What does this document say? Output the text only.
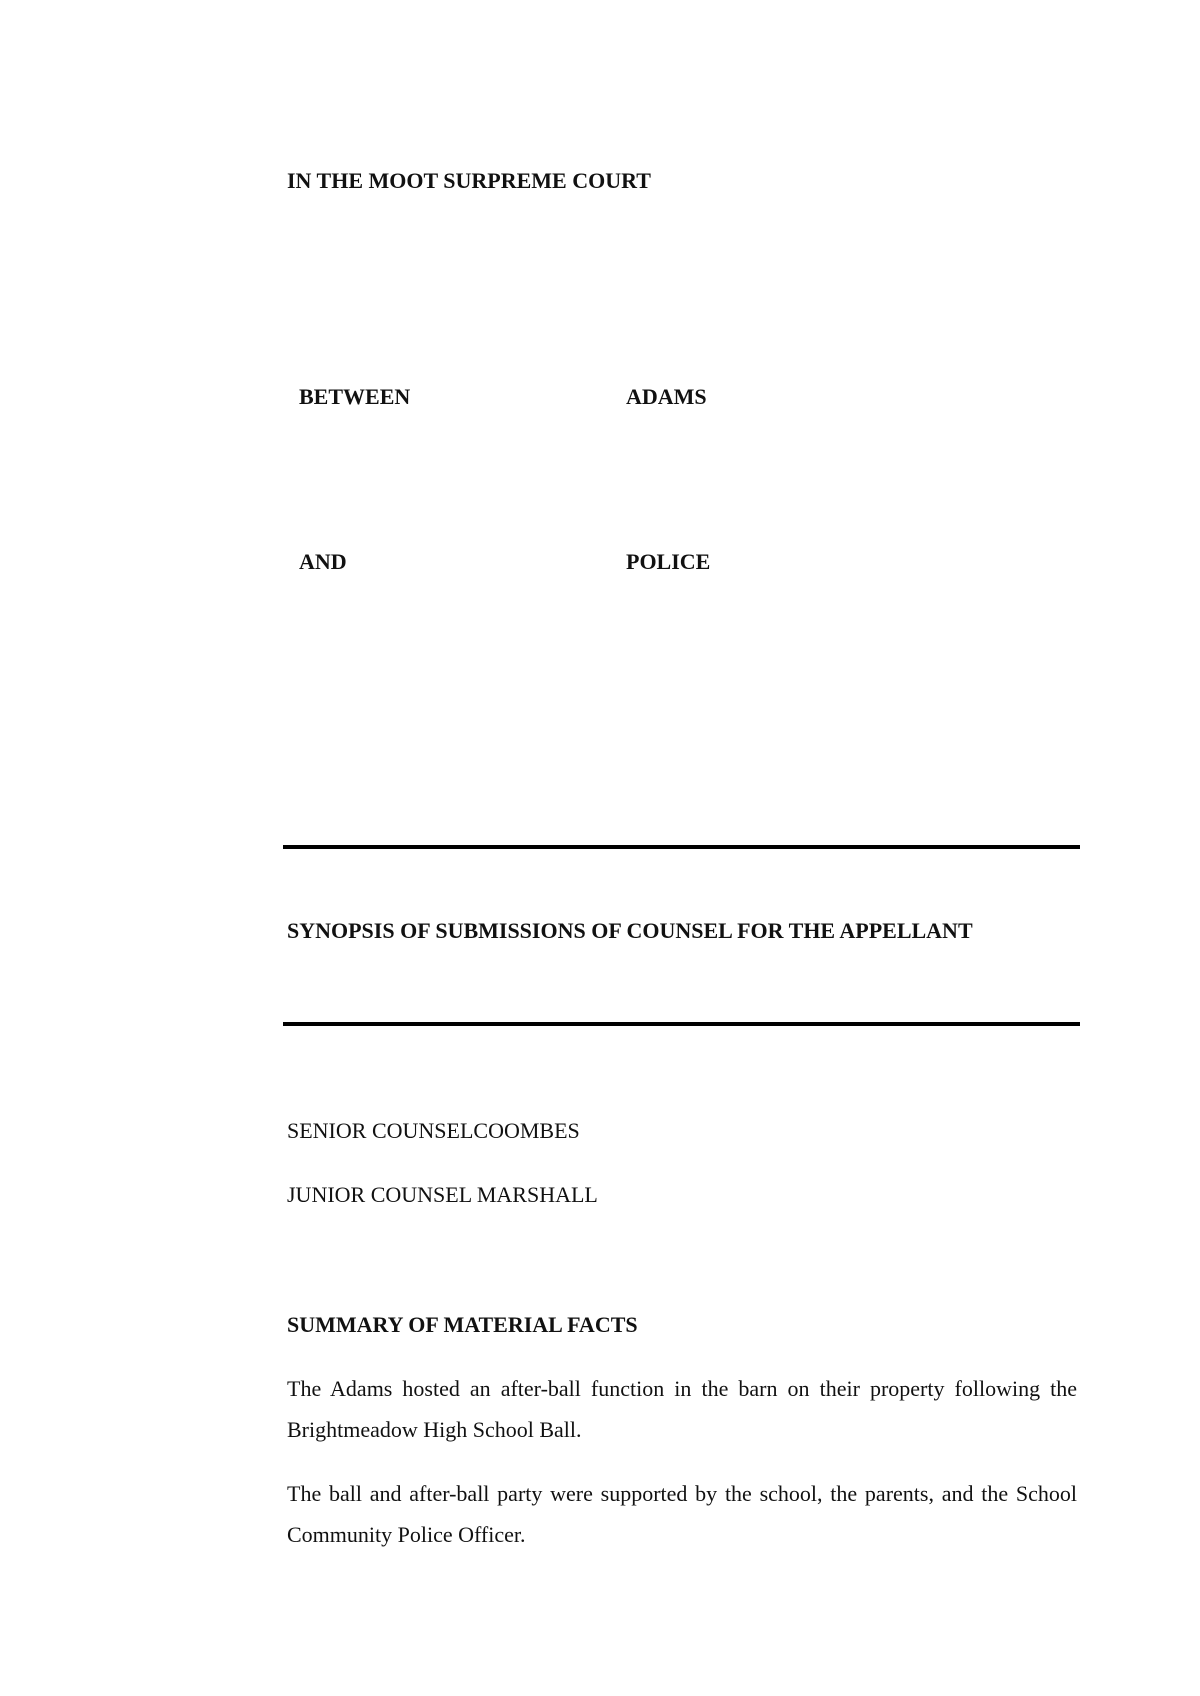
IN THE MOOT SURPREME COURT
BETWEEN	ADAMS
AND	POLICE
SYNOPSIS OF SUBMISSIONS OF COUNSEL FOR THE APPELLANT
SENIOR COUNSELCOOMBES
JUNIOR COUNSEL MARSHALL
SUMMARY OF MATERIAL FACTS

The Adams hosted an after-ball function in the barn on their property following the Brightmeadow High School Ball.

The ball and after-ball party were supported by the school, the parents, and the School Community Police Officer.
